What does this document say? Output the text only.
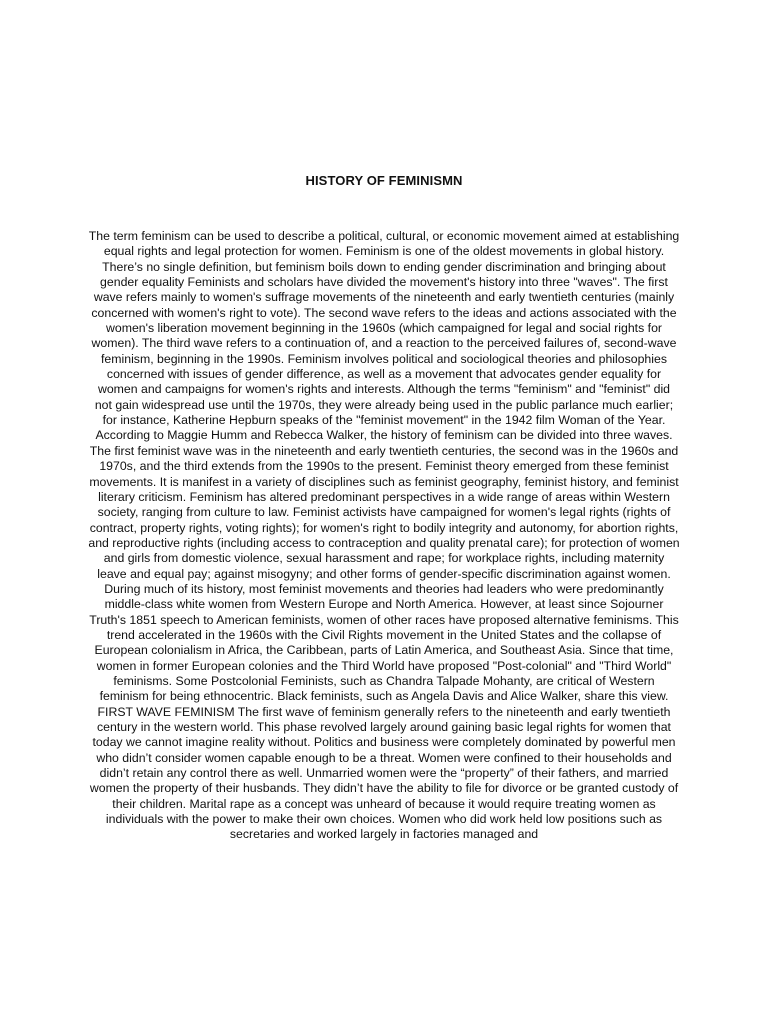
HISTORY OF FEMINISMN

The term feminism can be used to describe a political, cultural, or economic movement aimed at establishing equal rights and legal protection for women. Feminism is one of the oldest movements in global history. There’s no single definition, but feminism boils down to ending gender discrimination and bringing about gender equality Feminists and scholars have divided the movement's history into three "waves". The first wave refers mainly to women's suffrage movements of the nineteenth and early twentieth centuries (mainly concerned with women's right to vote). The second wave refers to the ideas and actions associated with the women's liberation movement beginning in the 1960s (which campaigned for legal and social rights for women). The third wave refers to a continuation of, and a reaction to the perceived failures of, second-wave feminism, beginning in the 1990s. Feminism involves political and sociological theories and philosophies concerned with issues of gender difference, as well as a movement that advocates gender equality for women and campaigns for women's rights and interests. Although the terms "feminism" and "feminist" did not gain widespread use until the 1970s, they were already being used in the public parlance much earlier; for instance, Katherine Hepburn speaks of the "feminist movement" in the 1942 film Woman of the Year. According to Maggie Humm and Rebecca Walker, the history of feminism can be divided into three waves. The first feminist wave was in the nineteenth and early twentieth centuries, the second was in the 1960s and 1970s, and the third extends from the 1990s to the present. Feminist theory emerged from these feminist movements. It is manifest in a variety of disciplines such as feminist geography, feminist history, and feminist literary criticism. Feminism has altered predominant perspectives in a wide range of areas within Western society, ranging from culture to law. Feminist activists have campaigned for women's legal rights (rights of contract, property rights, voting rights); for women's right to bodily integrity and autonomy, for abortion rights, and reproductive rights (including access to contraception and quality prenatal care); for protection of women and girls from domestic violence, sexual harassment and rape; for workplace rights, including maternity leave and equal pay; against misogyny; and other forms of gender-specific discrimination against women. During much of its history, most feminist movements and theories had leaders who were predominantly middle-class white women from Western Europe and North America. However, at least since Sojourner Truth's 1851 speech to American feminists, women of other races have proposed alternative feminisms. This trend accelerated in the 1960s with the Civil Rights movement in the United States and the collapse of European colonialism in Africa, the Caribbean, parts of Latin America, and Southeast Asia. Since that time, women in former European colonies and the Third World have proposed "Post-colonial" and "Third World" feminisms. Some Postcolonial Feminists, such as Chandra Talpade Mohanty, are critical of Western feminism for being ethnocentric. Black feminists, such as Angela Davis and Alice Walker, share this view. FIRST WAVE FEMINISM The first wave of feminism generally refers to the nineteenth and early twentieth century in the western world. This phase revolved largely around gaining basic legal rights for women that today we cannot imagine reality without. Politics and business were completely dominated by powerful men who didn’t consider women capable enough to be a threat. Women were confined to their households and didn’t retain any control there as well. Unmarried women were the “property” of their fathers, and married women the property of their husbands. They didn’t have the ability to file for divorce or be granted custody of their children. Marital rape as a concept was unheard of because it would require treating women as individuals with the power to make their own choices. Women who did work held low positions such as secretaries and worked largely in factories managed and
